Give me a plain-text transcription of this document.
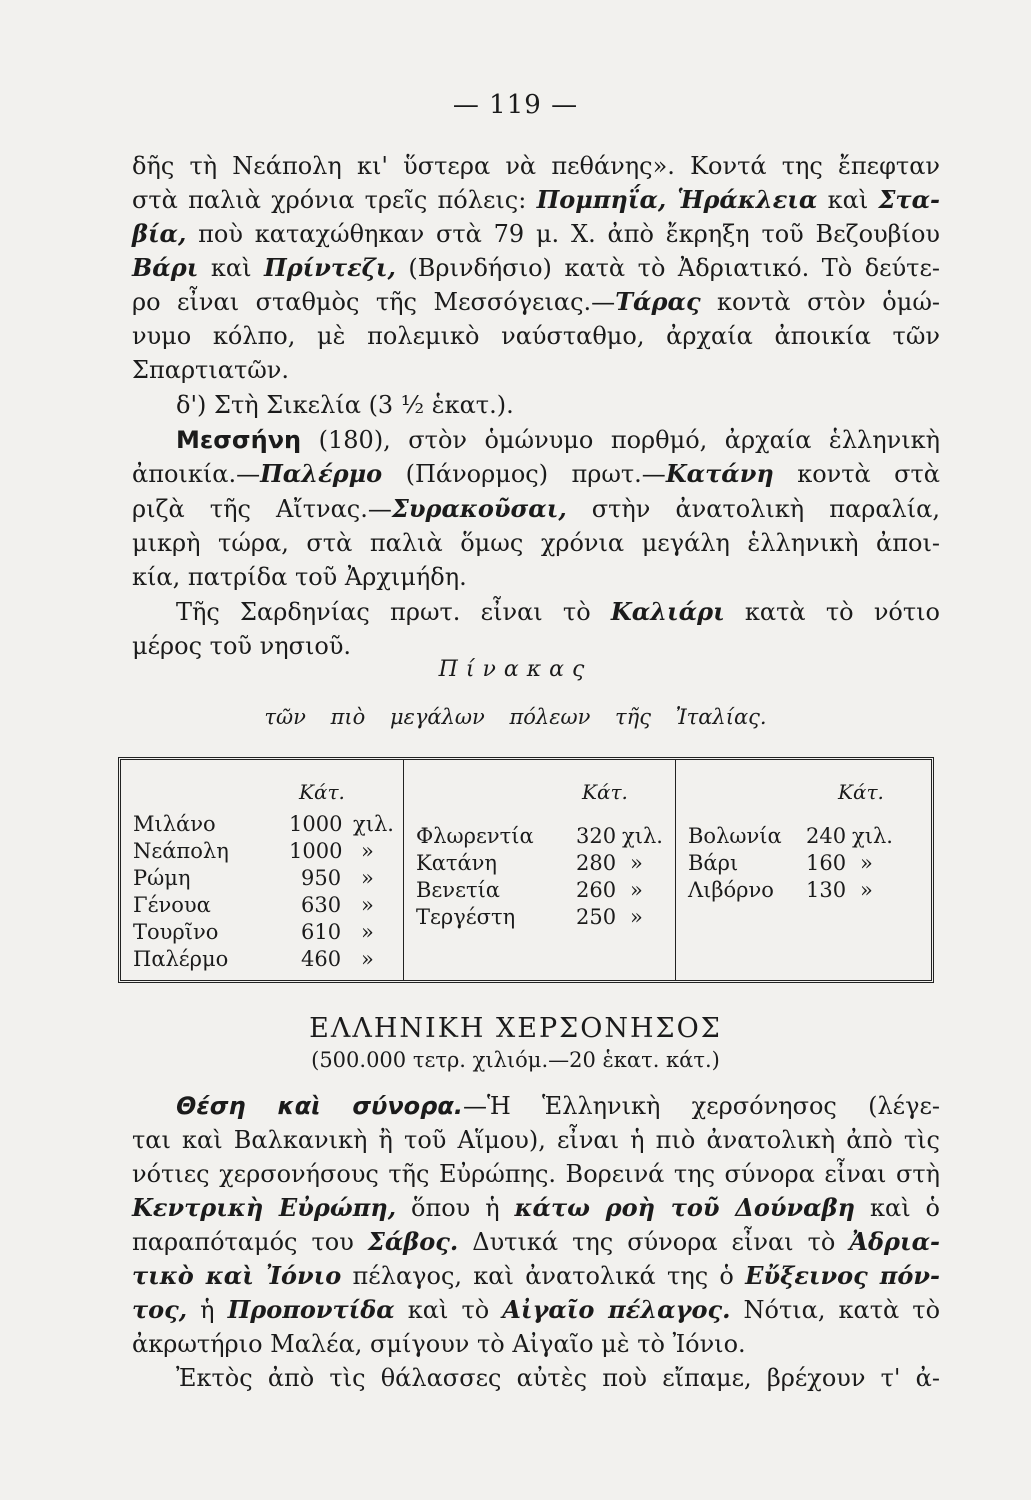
— 119 —
δῆς τὴ Νεάπολη κι' ὕστερα νὰ πεθάνης». Κοντά της ἔπεφταν
στὰ παλιὰ χρόνια τρεῖς πόλεις: Πομπηΐα, Ἡράκλεια καὶ Στα-
βία, ποὺ καταχώθηκαν στὰ 79 μ. Χ. ἀπὸ ἔκρηξη τοῦ Βεζουβίου
Βάρι καὶ Πρίντεζι, (Βρινδήσιο) κατὰ τὸ Ἀδριατικό. Τὸ δεύτε-
ρο εἶναι σταθμὸς τῆς Μεσσόγειας.—Τάρας κοντὰ στὸν ὁμώ-
νυμο κόλπο, μὲ πολεμικὸ ναύσταθμο, ἀρχαία ἀποικία τῶν
Σπαρτιατῶν.
δ') Στὴ Σικελία (3 ½ ἑκατ.).
Μεσσήνη (180), στὸν ὁμώνυμο πορθμό, ἀρχαία ἑλληνικὴ
ἀποικία.—Παλέρμο (Πάνορμος) πρωτ.—Κατάνη κοντὰ στὰ
ριζὰ τῆς Αἴτνας.—Συρακοῦσαι, στὴν ἀνατολικὴ παραλία,
μικρὴ τώρα, στὰ παλιὰ ὅμως χρόνια μεγάλη ἑλληνικὴ ἀποι-
κία, πατρίδα τοῦ Ἀρχιμήδη.
Τῆς Σαρδηνίας πρωτ. εἶναι τὸ Καλιάρι κατὰ τὸ νότιο
μέρος τοῦ νησιοῦ.
Πίνακας
τῶν πιὸ μεγάλων πόλεων τῆς Ἰταλίας.
Κάτ.
Μιλάνο	1000 χιλ.
Νεάπολη	1000 »
Ρώμη	950 »
Γένουα	630 »
Τουρῖνο	610 »
Παλέρμο	460 »
Κάτ.
Φλωρεντία 320 χιλ.
Κατάνη	280 »
Βενετία	260 »
Τεργέστη	250 »
Κάτ.
Βολωνία 240 χιλ.
Βάρι	160 »
Λιβόρνο 130 »
ΕΛΛΗΝΙΚΗ ΧΕΡΣΟΝΗΣΟΣ
(500.000 τετρ. χιλιόμ.—20 ἑκατ. κάτ.)
Θέση καὶ σύνορα.—Ἡ Ἑλληνικὴ χερσόνησος (λέγε-
ται καὶ Βαλκανικὴ ἢ τοῦ Αἵμου), εἶναι ἡ πιὸ ἀνατολικὴ ἀπὸ τὶς
νότιες χερσονήσους τῆς Εὐρώπης. Βορεινά της σύνορα εἶναι στὴ
Κεντρικὴ Εὐρώπη, ὅπου ἡ κάτω ροὴ τοῦ Δούναβη καὶ ὁ
παραπόταμός του Σάβος. Δυτικά της σύνορα εἶναι τὸ Ἀδρια-
τικὸ καὶ Ἰόνιο πέλαγος, καὶ ἀνατολικά της ὁ Εὔξεινος πόν-
τος, ἡ Προποντίδα καὶ τὸ Αἰγαῖο πέλαγος. Νότια, κατὰ τὸ
ἀκρωτήριο Μαλέα, σμίγουν τὸ Αἰγαῖο μὲ τὸ Ἰόνιο.
Ἐκτὸς ἀπὸ τὶς θάλασσες αὐτὲς ποὺ εἴπαμε, βρέχουν τ' ἀ-
